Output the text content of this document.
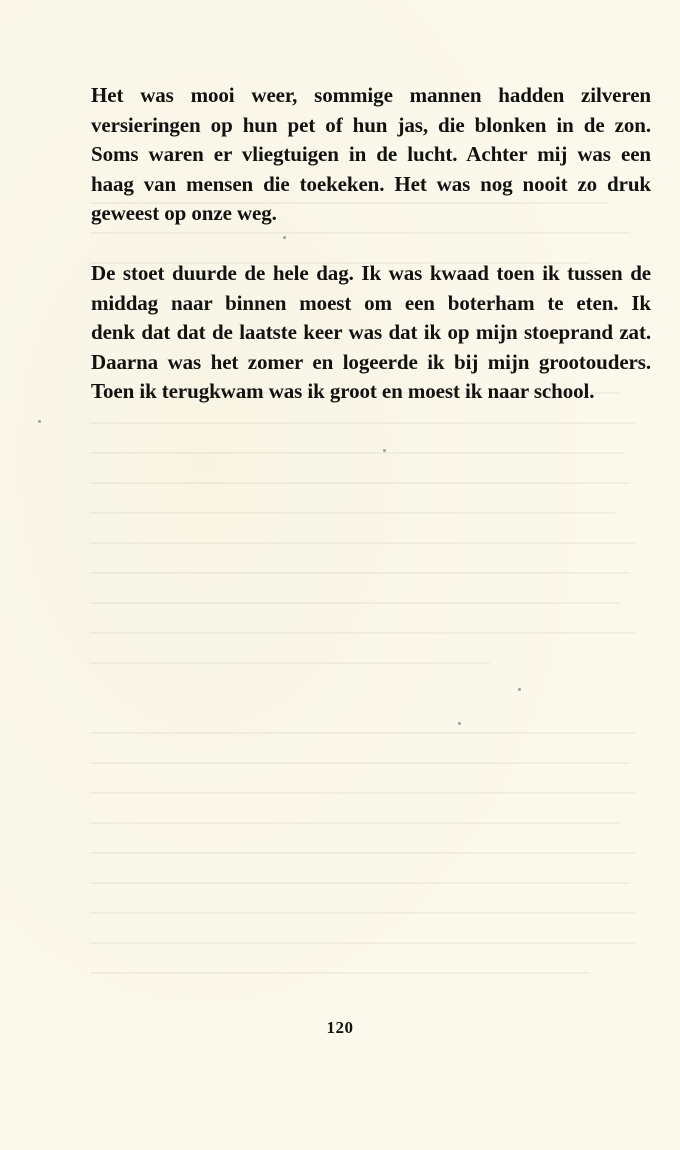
Het was mooi weer, sommige mannen hadden zilveren
versieringen op hun pet of hun jas, die blonken in de zon.
Soms waren er vliegtuigen in de lucht. Achter mij was een
haag van mensen die toekeken. Het was nog nooit zo druk
geweest op onze weg.

De stoet duurde de hele dag. Ik was kwaad toen ik tussen de
middag naar binnen moest om een boterham te eten. Ik
denk dat dat de laatste keer was dat ik op mijn stoeprand zat.
Daarna was het zomer en logeerde ik bij mijn grootouders.
Toen ik terugkwam was ik groot en moest ik naar school.

120
